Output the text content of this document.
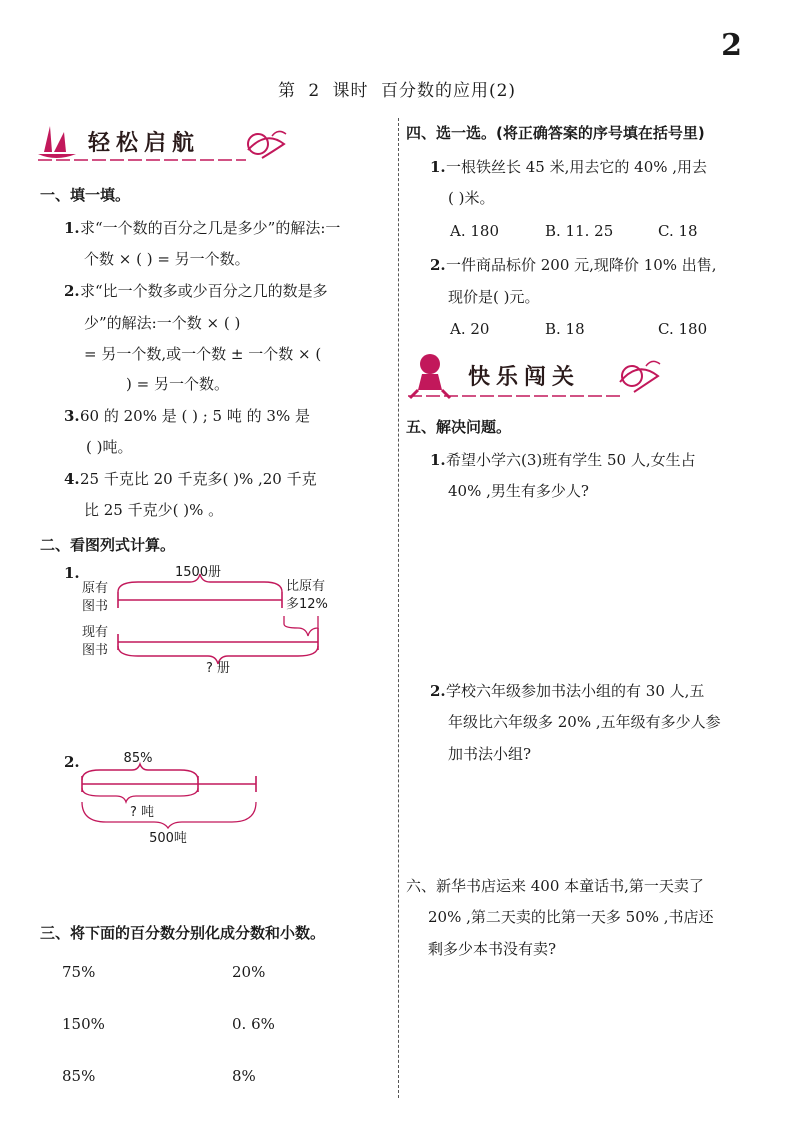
2
第 2 课时 百分数的应用(2)
轻松启航
一、填一填。
1. 求“一个数的百分之几是多少”的解法:一
个数 × ( ) = 另一个数。
2. 求“比一个数多或少百分之几的数是多
少”的解法:一个数 × ( )
= 另一个数,或一个数 ± 一个数 × (
) = 另一个数。
3. 60 的 20% 是 ( ) ; 5 吨 的 3% 是
( )吨。
4. 25 千克比 20 千克多( )% ,20 千克
比 25 千克少( )% 。
二、看图列式计算。
1.	1500册
原有
图书
比原有
多12%
现有
图书
? 册
2.	85%
? 吨
500吨
三、将下面的百分数分别化成分数和小数。
75%	20%
150%	0. 6%
85%	8%
四、选一选。(将正确答案的序号填在括号里)
1. 一根铁丝长 45 米,用去它的 40% ,用去
( )米。
A. 180	B. 11. 25	C. 18
2. 一件商品标价 200 元,现降价 10% 出售,
现价是( )元。
A. 20	B. 18	C. 180
快乐闯关
五、解决问题。
1. 希望小学六(3)班有学生 50 人,女生占
40% ,男生有多少人?
2. 学校六年级参加书法小组的有 30 人,五
年级比六年级多 20% ,五年级有多少人参
加书法小组?
六、新华书店运来 400 本童话书,第一天卖了
20% ,第二天卖的比第一天多 50% ,书店还
剩多少本书没有卖?
